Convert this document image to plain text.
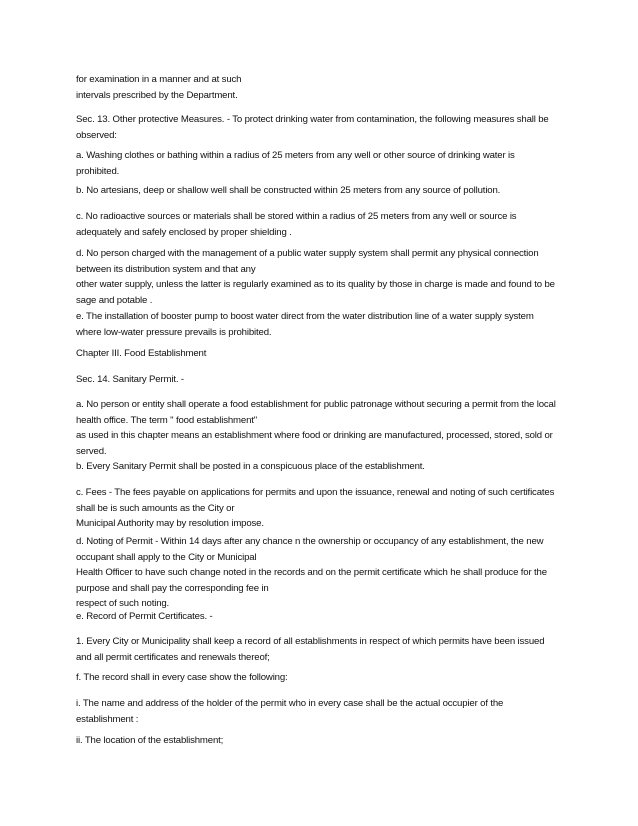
for examination in a manner and at such
intervals prescribed by the Department.
Sec. 13. Other protective Measures. - To protect drinking water from contamination, the following measures shall be
observed:
a. Washing clothes or bathing within a radius of 25 meters from any well or other source of drinking water is
prohibited.
b. No artesians, deep or shallow well shall be constructed within 25 meters from any source of pollution.
c. No radioactive sources or materials shall be stored within a radius of 25 meters from any well or source is
adequately and safely enclosed by proper shielding .
d. No person charged with the management of a public water supply system shall permit any physical connection
between its distribution system and that any
other water supply, unless the latter is regularly examined as to its quality by those in charge is made and found to be
sage and potable .
e. The installation of booster pump to boost water direct from the water distribution line of a water supply system
where low-water pressure prevails is prohibited.
Chapter III. Food Establishment
Sec. 14. Sanitary Permit. -
a. No person or entity shall operate a food establishment for public patronage without securing a permit from the local
health office. The term " food establishment"
as used in this chapter means an establishment where food or drinking are manufactured, processed, stored, sold or
served.
b. Every Sanitary Permit shall be posted in a conspicuous place of the establishment.
c. Fees - The fees payable on applications for permits and upon the issuance, renewal and noting of such certificates
shall be is such amounts as the City or
Municipal Authority may by resolution impose.
d. Noting of Permit - Within 14 days after any chance n the ownership or occupancy of any establishment, the new
occupant shall apply to the City or Municipal
Health Officer to have such change noted in the records and on the permit certificate which he shall produce for the
purpose and shall pay the corresponding fee in
respect of such noting.
e. Record of Permit Certificates. -
1. Every City or Municipality shall keep a record of all establishments in respect of which permits have been issued
and all permit certificates and renewals thereof;
f. The record shall in every case show the following:
i. The name and address of the holder of the permit who in every case shall be the actual occupier of the
establishment :
ii. The location of the establishment;
